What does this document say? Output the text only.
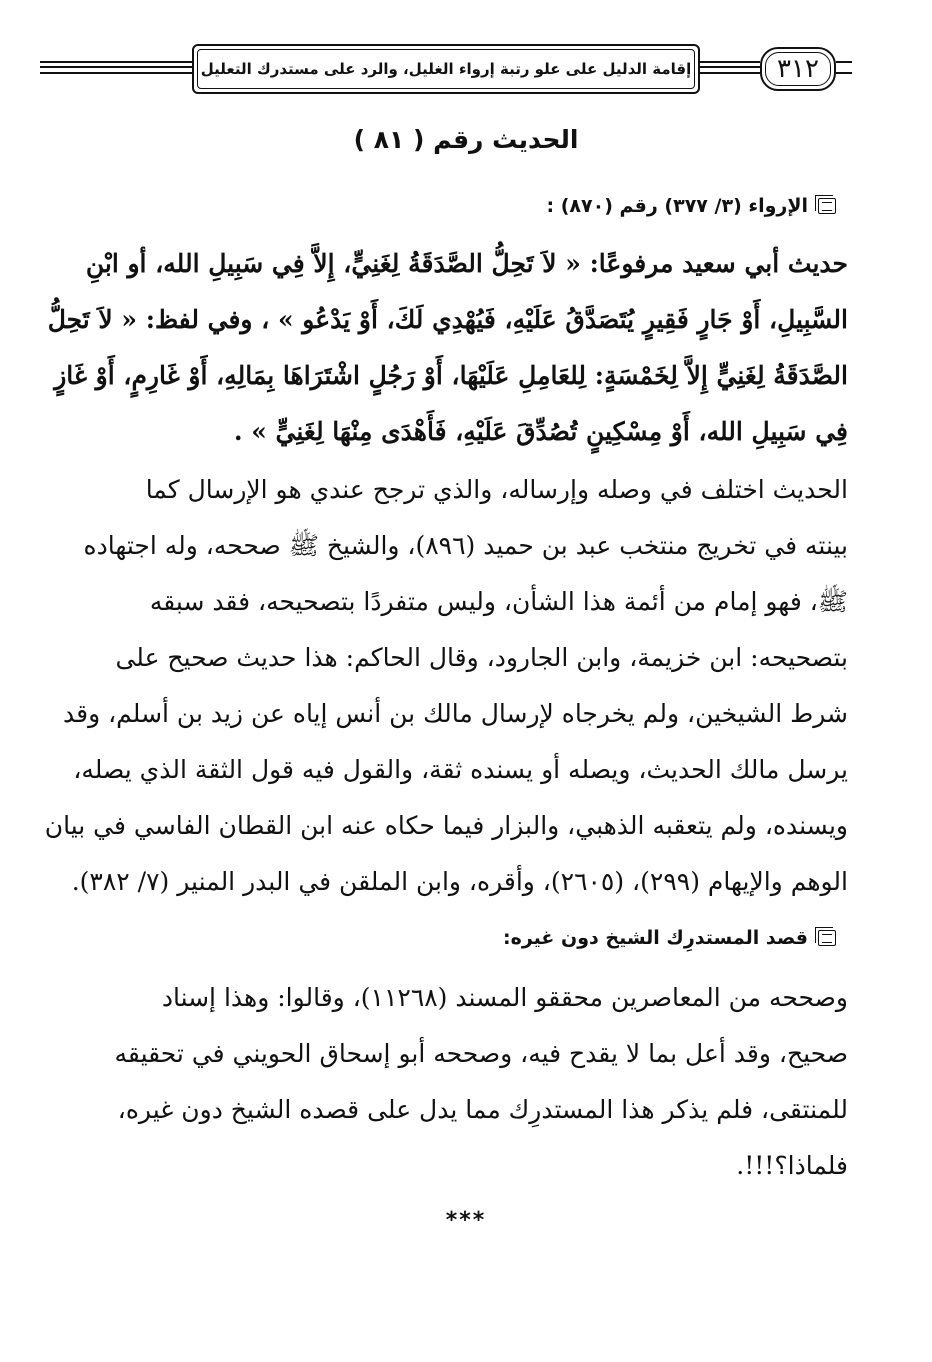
إقامة الدليل على علو رتبة إرواء الغليل، والرد على مستدرك التعليل	٣١٢
الحديث رقم ( ٨١ )
الإرواء (٣/ ٣٧٧) رقم (٨٧٠) :
حديث أبي سعيد مرفوعًا: « لاَ تَحِلُّ الصَّدَقَةُ لِغَنِيٍّ، إِلاَّ فِي سَبِيلِ الله، أو ابْنِ
السَّبِيلِ، أَوْ جَارٍ فَقِيرٍ يُتَصَدَّقُ عَلَيْهِ، فَيُهْدِي لَكَ، أَوْ يَدْعُو » ، وفي لفظ: « لاَ تَحِلُّ
الصَّدَقَةُ لِغَنِيٍّ إِلاَّ لِخَمْسَةٍ: لِلعَامِلِ عَلَيْهَا، أَوْ رَجُلٍ اشْتَرَاهَا بِمَالِهِ، أَوْ غَارِمٍ، أَوْ غَازٍ
فِي سَبِيلِ الله، أَوْ مِسْكِينٍ تُصُدِّقَ عَلَيْهِ، فَأَهْدَى مِنْهَا لِغَنِيٍّ » .
الحديث اختلف في وصله وإرساله، والذي ترجح عندي هو الإرسال كما
بينته في تخريج منتخب عبد بن حميد (٨٩٦)، والشيخ ﷺ صححه، وله اجتهاده
ﷺ، فهو إمام من أئمة هذا الشأن، وليس متفردًا بتصحيحه، فقد سبقه
بتصحيحه: ابن خزيمة، وابن الجارود، وقال الحاكم: هذا حديث صحيح على
شرط الشيخين، ولم يخرجاه لإرسال مالك بن أنس إياه عن زيد بن أسلم، وقد
يرسل مالك الحديث، ويصله أو يسنده ثقة، والقول فيه قول الثقة الذي يصله،
ويسنده، ولم يتعقبه الذهبي، والبزار فيما حكاه عنه ابن القطان الفاسي في بيان
الوهم والإيهام (٢٩٩)، (٢٦٠٥)، وأقره، وابن الملقن في البدر المنير (٧/ ٣٨٢).
قصد المستدرِك الشيخ دون غيره:
وصححه من المعاصرين محققو المسند (١١٢٦٨)، وقالوا: وهذا إسناد
صحيح، وقد أعل بما لا يقدح فيه، وصححه أبو إسحاق الحويني في تحقيقه
للمنتقى، فلم يذكر هذا المستدرِك مما يدل على قصده الشيخ دون غيره،
فلماذا؟!!!.
***
